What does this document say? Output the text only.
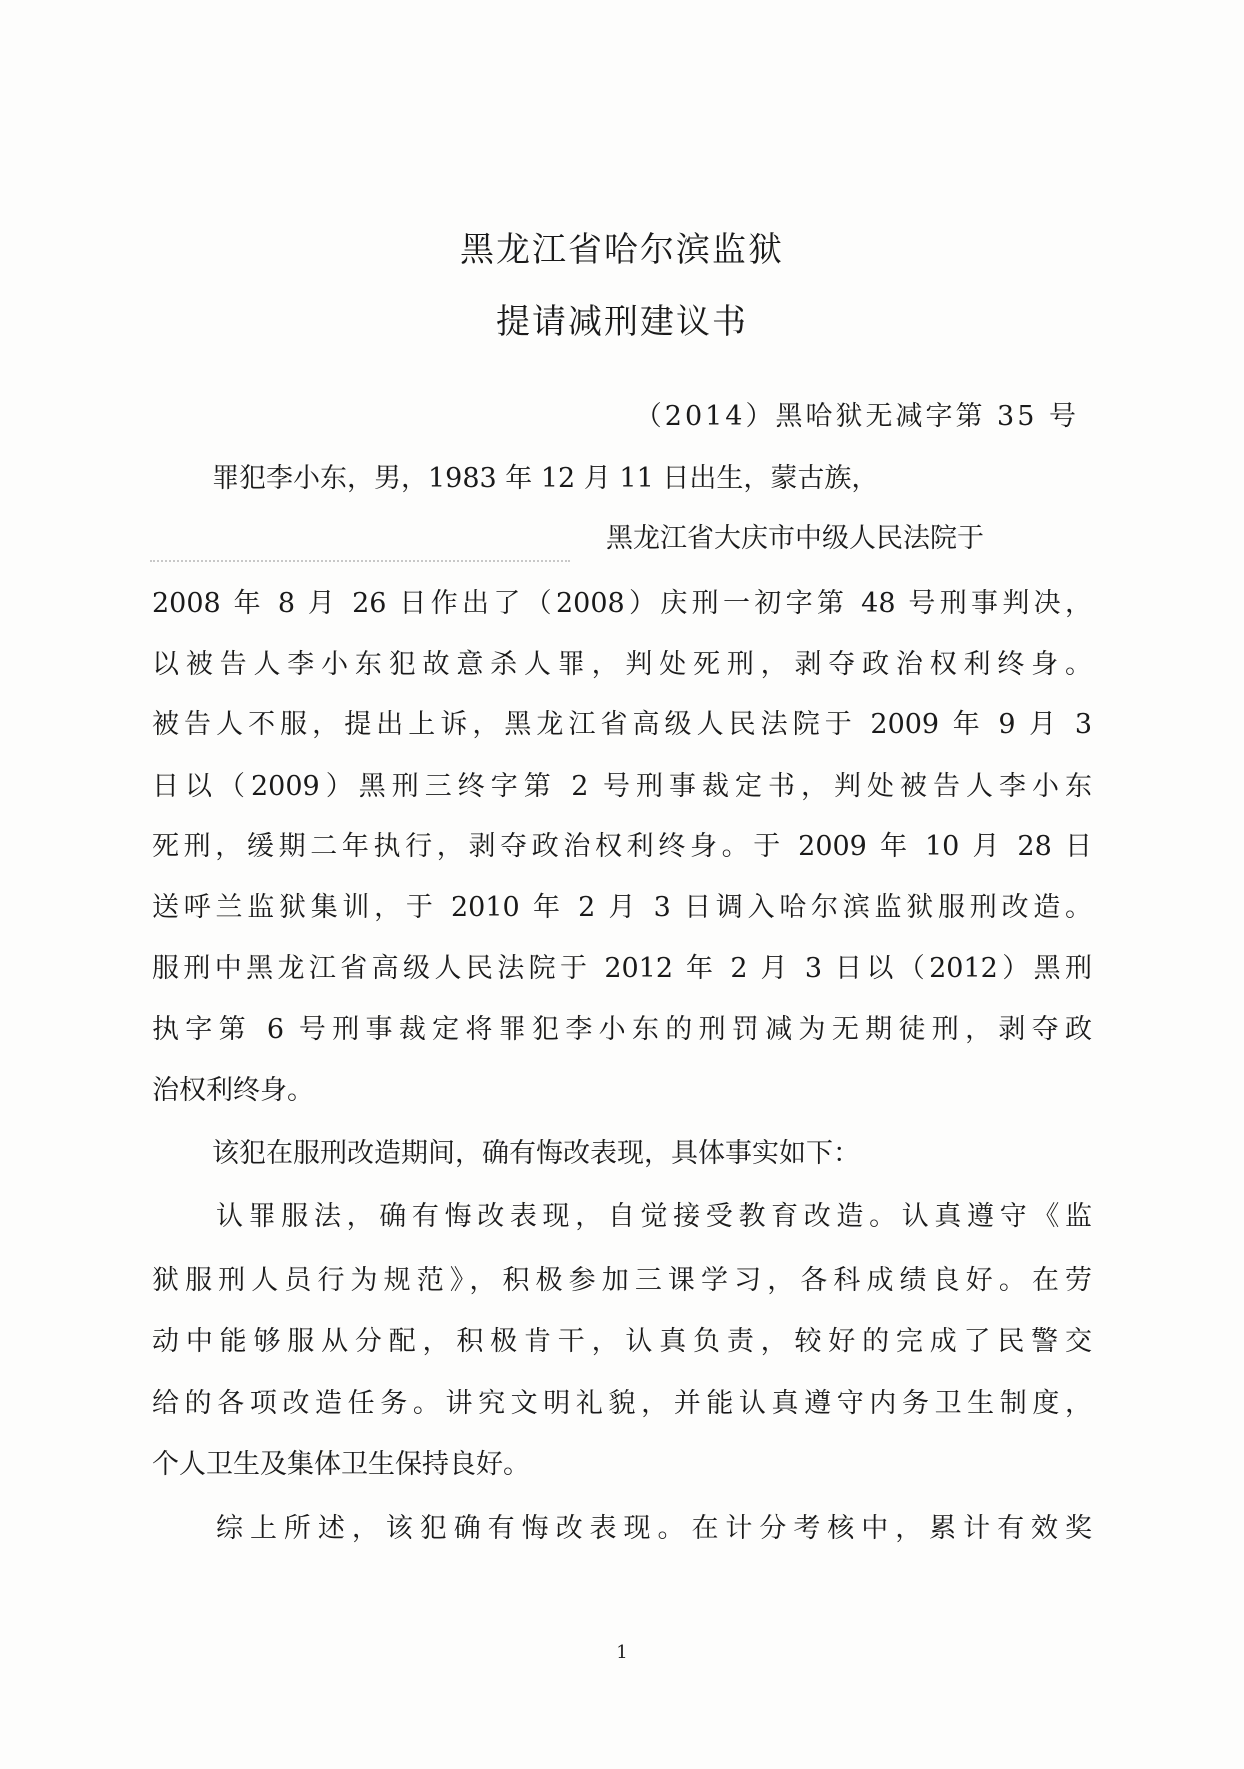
黑龙江省哈尔滨监狱
提请减刑建议书
（2014）黑哈狱无减字第 35 号
罪犯李小东，男，1983 年 12 月 11 日出生，蒙古族，
黑龙江省大庆市中级人民法院于
2008 年 8 月 26 日作出了（2008）庆刑一初字第 48 号刑事判决，
以被告人李小东犯故意杀人罪，判处死刑，剥夺政治权利终身。
被告人不服，提出上诉，黑龙江省高级人民法院于 2009 年 9 月 3
日以（2009）黑刑三终字第 2 号刑事裁定书，判处被告人李小东
死刑，缓期二年执行，剥夺政治权利终身。于 2009 年 10 月 28 日
送呼兰监狱集训，于 2010 年 2 月 3 日调入哈尔滨监狱服刑改造。
服刑中黑龙江省高级人民法院于 2012 年 2 月 3 日以（2012）黑刑
执字第 6 号刑事裁定将罪犯李小东的刑罚减为无期徒刑，剥夺政
治权利终身。
该犯在服刑改造期间，确有悔改表现，具体事实如下：
认罪服法，确有悔改表现，自觉接受教育改造。认真遵守《监
狱服刑人员行为规范》，积极参加三课学习，各科成绩良好。在劳
动中能够服从分配，积极肯干，认真负责，较好的完成了民警交
给的各项改造任务。讲究文明礼貌，并能认真遵守内务卫生制度，
个人卫生及集体卫生保持良好。
综上所述，该犯确有悔改表现。在计分考核中，累计有效奖
1
